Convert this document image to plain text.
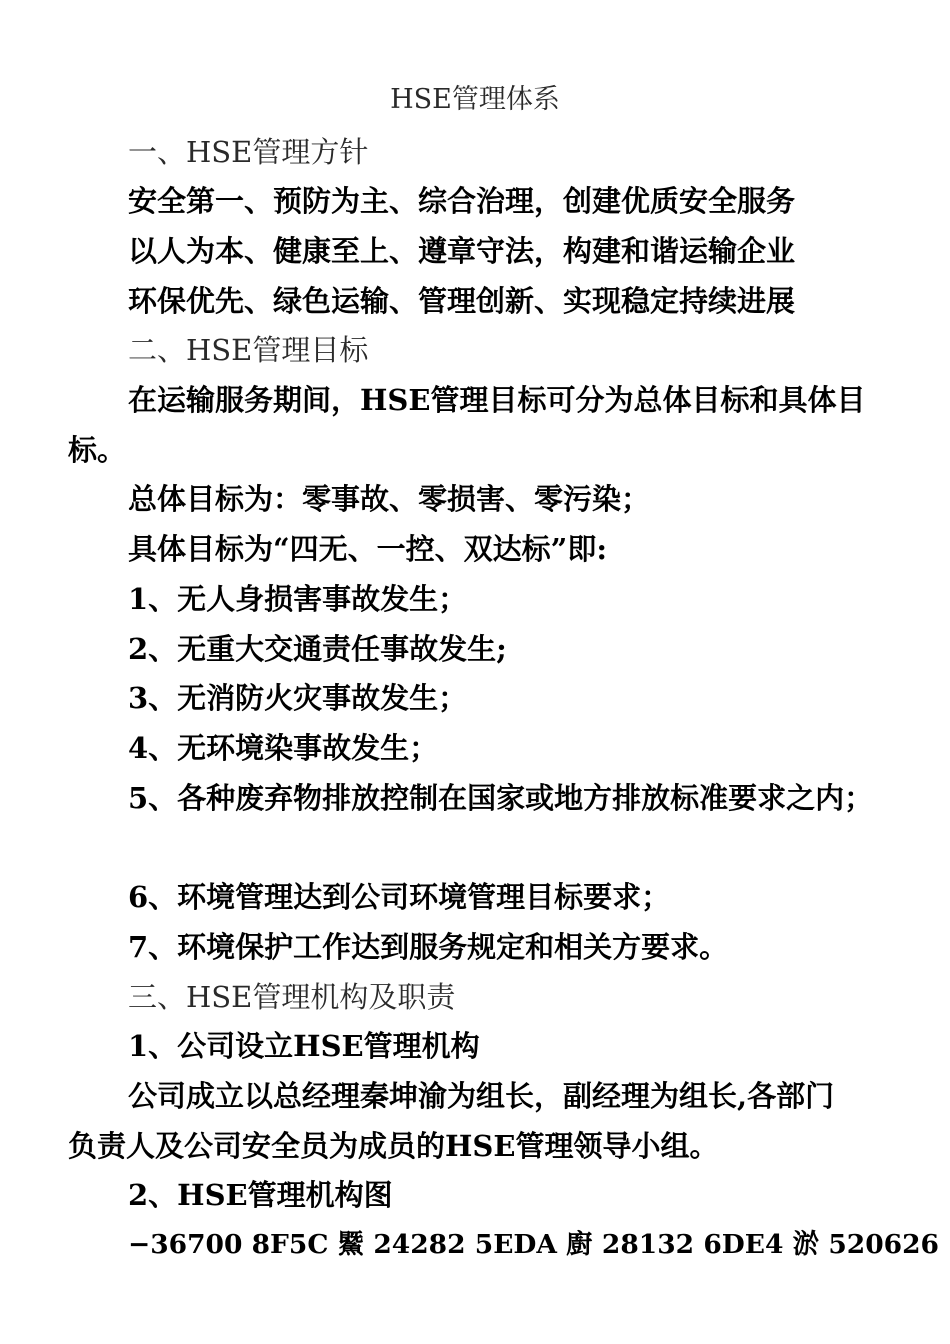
HSE管理体系
一、HSE管理方针
安全第一、预防为主、综合治理，创建优质安全服务
以人为本、健康至上、遵章守法，构建和谐运输企业
环保优先、绿色运输、管理创新、实现稳定持续进展
二、HSE管理目标
在运输服务期间，HSE管理目标可分为总体目标和具体目
标。
总体目标为：零事故、零损害、零污染；
具体目标为“四无、一控、双达标”即:
1、无人身损害事故发生；
2、无重大交通责任事故发生;
3、无消防火灾事故发生；
4、无环境染事故发生；
5、各种废弃物排放控制在国家或地方排放标准要求之内；
6、环境管理达到公司环境管理目标要求；
7、环境保护工作达到服务规定和相关方要求。
三、HSE管理机构及职责
1、公司设立HSE管理机构
公司成立以总经理秦坤渝为组长，副经理为组长,各部门
负责人及公司安全员为成员的HSE管理领导小组。
2、HSE管理机构图
−36700 8F5C 鱀 24282 5EDA 廚 28132 6DE4 淤 520626
